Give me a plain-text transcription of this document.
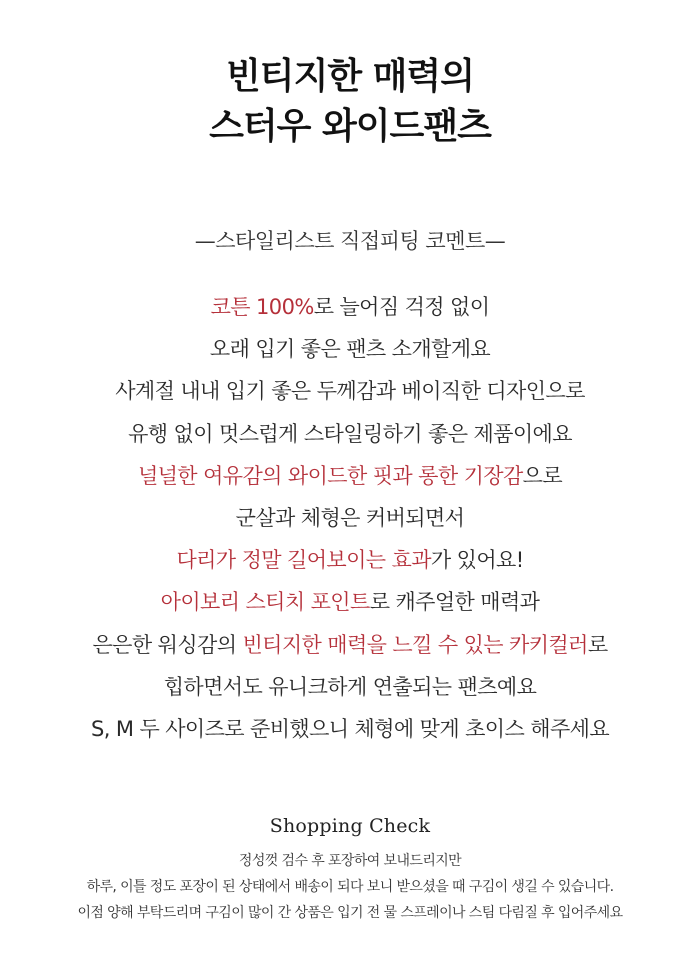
빈티지한 매력의
스터우 와이드팬츠
—스타일리스트 직접피팅 코멘트—
코튼 100%로 늘어짐 걱정 없이
오래 입기 좋은 팬츠 소개할게요
사계절 내내 입기 좋은 두께감과 베이직한 디자인으로
유행 없이 멋스럽게 스타일링하기 좋은 제품이에요
널널한 여유감의 와이드한 핏과 롱한 기장감으로
군살과 체형은 커버되면서
다리가 정말 길어보이는 효과가 있어요!
아이보리 스티치 포인트로 캐주얼한 매력과
은은한 워싱감의 빈티지한 매력을 느낄 수 있는 카키컬러로
힙하면서도 유니크하게 연출되는 팬츠예요
S, M 두 사이즈로 준비했으니 체형에 맞게 초이스 해주세요
Shopping Check
정성껏 검수 후 포장하여 보내드리지만
하루, 이틀 정도 포장이 된 상태에서 배송이 되다 보니 받으셨을 때 구김이 생길 수 있습니다.
이점 양해 부탁드리며 구김이 많이 간 상품은 입기 전 물 스프레이나 스팀 다림질 후 입어주세요
